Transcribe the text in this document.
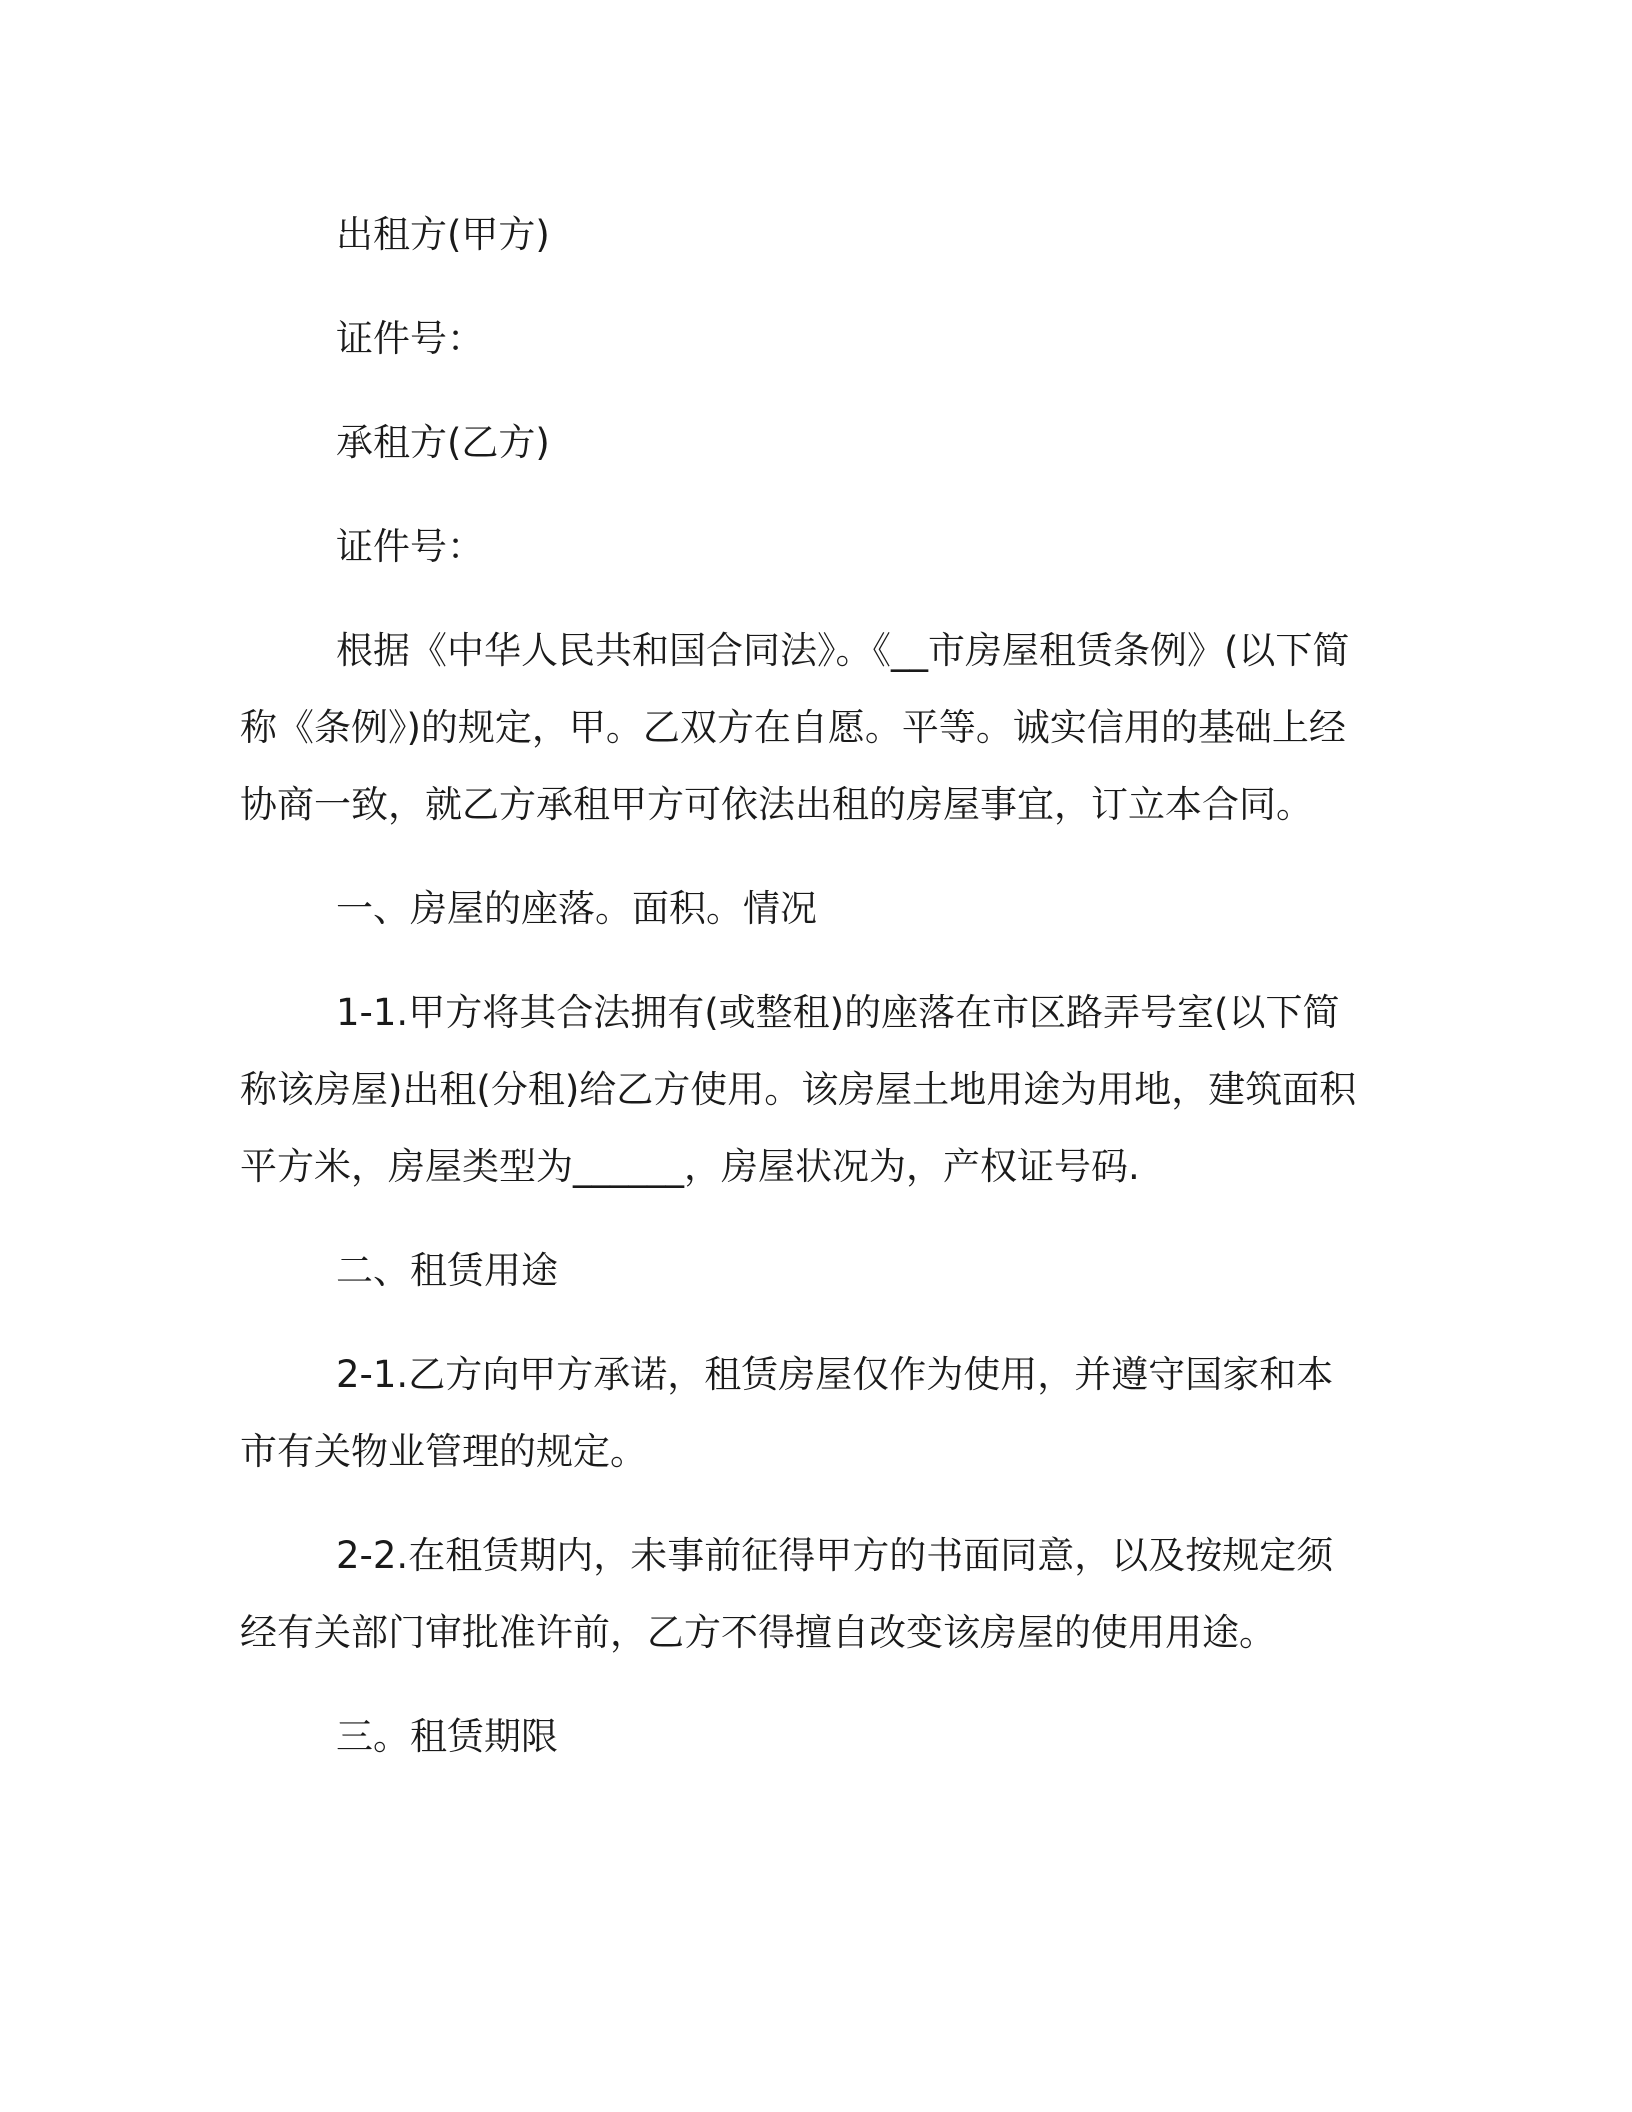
出租方(甲方)

证件号：

承租方(乙方)

证件号：

根据《中华人民共和国合同法》。《__市房屋租赁条例》(以下简称《条例》)的规定，甲。乙双方在自愿。平等。诚实信用的基础上经协商一致，就乙方承租甲方可依法出租的房屋事宜，订立本合同。

一、房屋的座落。面积。情况

1-1.甲方将其合法拥有(或整租)的座落在市区路弄号室(以下简称该房屋)出租(分租)给乙方使用。该房屋土地用途为用地，建筑面积平方米，房屋类型为______，房屋状况为，产权证号码.

二、租赁用途

2-1.乙方向甲方承诺，租赁房屋仅作为使用，并遵守国家和本市有关物业管理的规定。

2-2.在租赁期内，未事前征得甲方的书面同意，以及按规定须经有关部门审批准许前，乙方不得擅自改变该房屋的使用用途。

三。租赁期限
